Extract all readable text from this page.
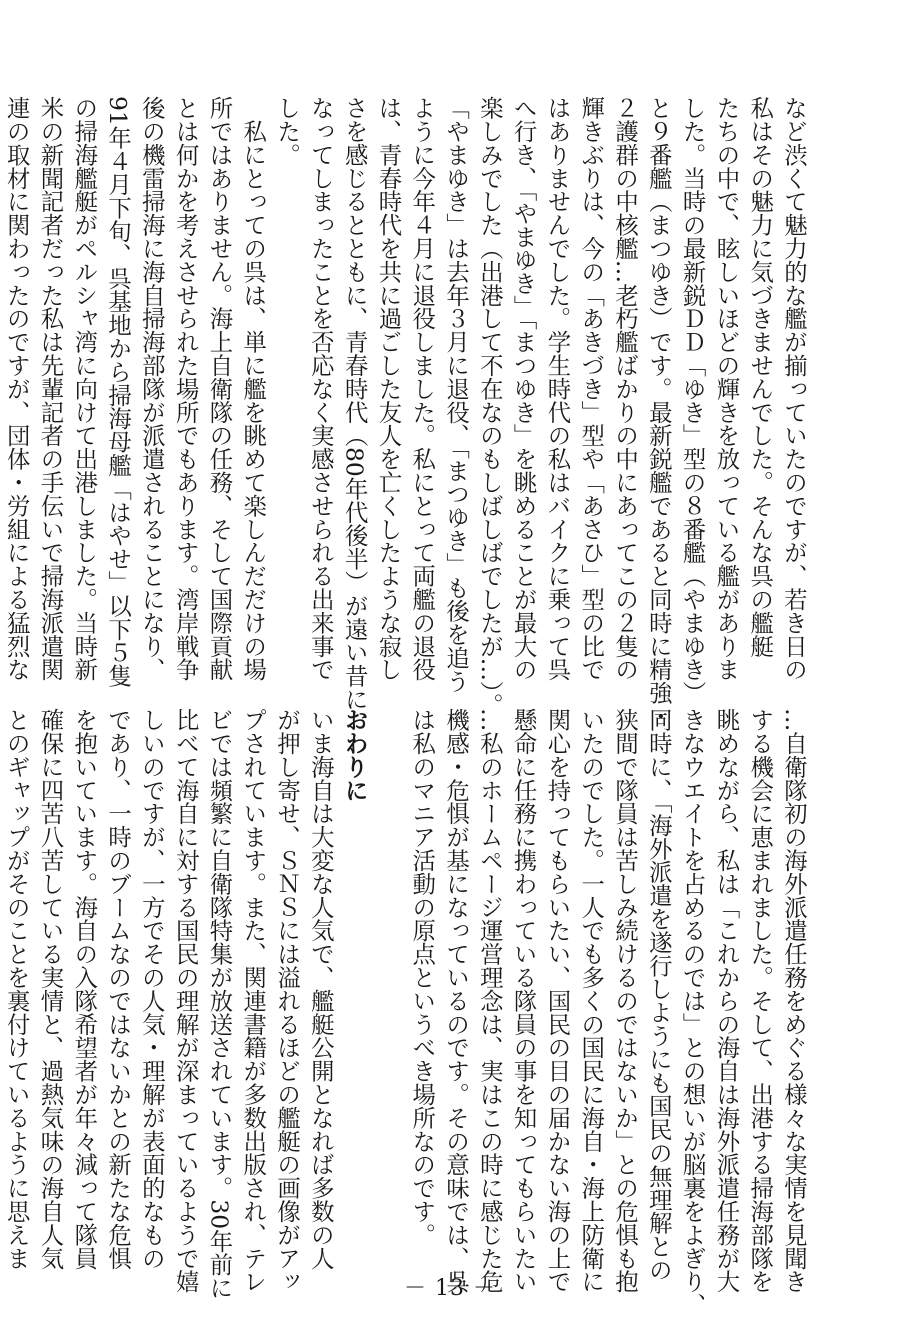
など渋くて魅力的な艦が揃っていたのですが、若き日の

私はその魅力に気づきませんでした。そんな呉の艦艇

たちの中で、眩しいほどの輝きを放っている艦がありま

した。当時の最新鋭ＤＤ「ゆき」型の８番艦（やまゆき）

と９番艦（まつゆき）です。最新鋭艦であると同時に精強・

２護群の中核艦…老朽艦ばかりの中にあってこの２隻の

輝きぶりは、今の「あきづき」型や「あさひ」型の比で

はありませんでした。学生時代の私はバイクに乗って呉

へ行き、「やまゆき」「まつゆき」を眺めることが最大の

楽しみでした（出港して不在なのもしばしばでしたが…）。

「やまゆき」は去年３月に退役、「まつゆき」も後を追う

ように今年４月に退役しました。私にとって両艦の退役

は、青春時代を共に過ごした友人を亡くしたような寂し

さを感じるとともに、青春時代（80年代後半）が遠い昔に

なってしまったことを否応なく実感させられる出来事で

した。

　私にとっての呉は、単に艦を眺めて楽しんだだけの場

所ではありません。海上自衛隊の任務、そして国際貢献

とは何かを考えさせられた場所でもあります。湾岸戦争

後の機雷掃海に海自掃海部隊が派遣されることになり、

91年４月下旬、呉基地から掃海母艦「はやせ」以下５隻

の掃海艦艇がペルシャ湾に向けて出港しました。当時新

米の新聞記者だった私は先輩記者の手伝いで掃海派遣関

連の取材に関わったのですが、団体・労組による猛烈な

…自衛隊初の海外派遣任務をめぐる様々な実情を見聞き

する機会に恵まれました。そして、出港する掃海部隊を

眺めながら、私は「これからの海自は海外派遣任務が大

きなウエイトを占めるのでは」との想いが脳裏をよぎり、

同時に、「海外派遣を遂行しようにも国民の無理解との

狭間で隊員は苦しみ続けるのではないか」との危惧も抱

いたのでした。一人でも多くの国民に海自・海上防衛に

関心を持ってもらいたい、国民の目の届かない海の上で

懸命に任務に携わっている隊員の事を知ってもらいたい

…私のホームページ運営理念は、実はこの時に感じた危

機感・危惧が基になっているのです。その意味では、呉

は私のマニア活動の原点というべき場所なのです。

おわりに

いま海自は大変な人気で、艦艇公開となれば多数の人

が押し寄せ、ＳＮＳには溢れるほどの艦艇の画像がアッ

プされています。また、関連書籍が多数出版され、テレ

ビでは頻繁に自衛隊特集が放送されています。30年前に

比べて海自に対する国民の理解が深まっているようで嬉

しいのですが、一方でその人気・理解が表面的なもの

であり、一時のブームなのではないかとの新たな危惧

を抱いています。海自の入隊希望者が年々減って隊員

確保に四苦八苦している実情と、過熱気味の海自人気

とのギャップがそのことを裏付けているように思えま

－ 13 －
